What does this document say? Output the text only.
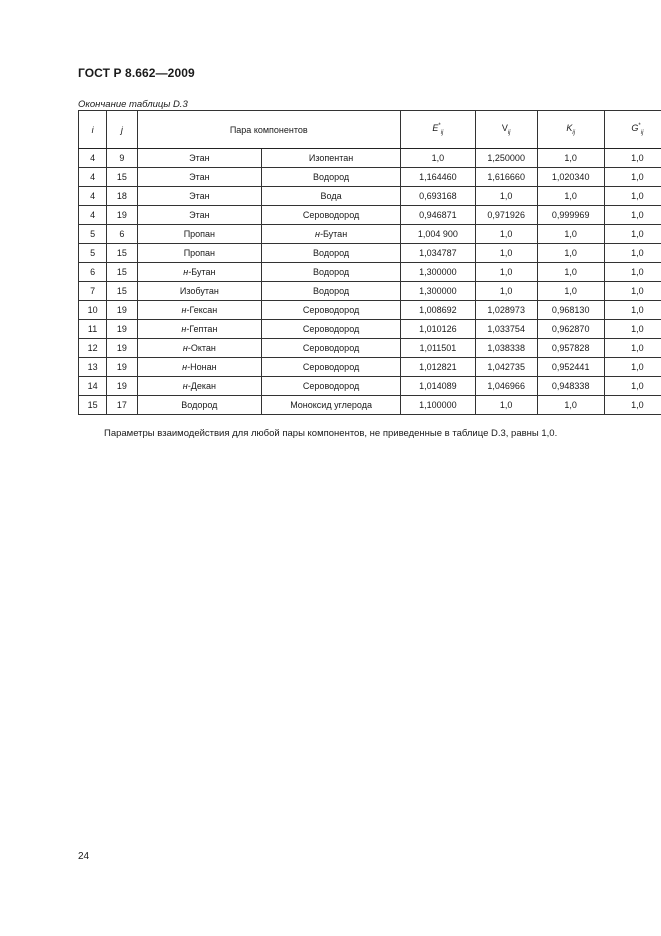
ГОСТ Р 8.662—2009
Окончание таблицы D.3
i	j	Пара компонентов		$E^*_{ij}$	$V_{ij}$	$K_{ij}$	$G^*_{ij}$
4	9	Этан	Изопентан	1,0	1,250000	1,0	1,0
4	15	Этан	Водород	1,164460	1,616660	1,020340	1,0
4	18	Этан	Вода	0,693168	1,0	1,0	1,0
4	19	Этан	Сероводород	0,946871	0,971926	0,999969	1,0
5	6	Пропан	н-Бутан	1,004 900	1,0	1,0	1,0
5	15	Пропан	Водород	1,034787	1,0	1,0	1,0
6	15	н-Бутан	Водород	1,300000	1,0	1,0	1,0
7	15	Изобутан	Водород	1,300000	1,0	1,0	1,0
10	19	н-Гексан	Сероводород	1,008692	1,028973	0,968130	1,0
11	19	н-Гептан	Сероводород	1,010126	1,033754	0,962870	1,0
12	19	н-Октан	Сероводород	1,011501	1,038338	0,957828	1,0
13	19	н-Нонан	Сероводород	1,012821	1,042735	0,952441	1,0
14	19	н-Декан	Сероводород	1,014089	1,046966	0,948338	1,0
15	17	Водород	Моноксид углерода	1,100000	1,0	1,0	1,0
Параметры взаимодействия для любой пары компонентов, не приведенные в таблице D.3, равны 1,0.
24
